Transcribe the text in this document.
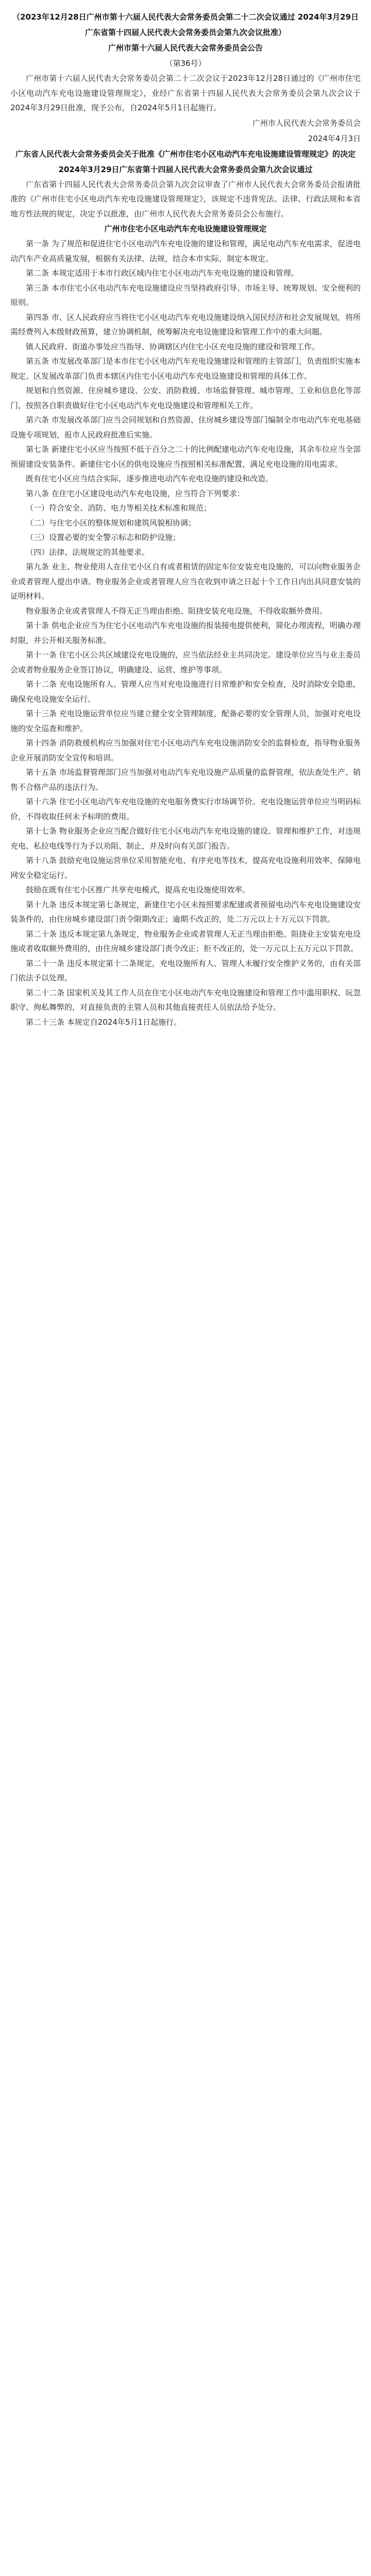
（2023年12月28日广州市第十六届人民代表大会常务委员会第二十二次会议通过 2024年3月29日广东省第十四届人民代表大会常务委员会第九次会议批准）
广州市第十六届人民代表大会常务委员会公告
（第36号）

广州市第十六届人民代表大会常务委员会第二十二次会议于2023年12月28日通过的《广州市住宅小区电动汽车充电设施建设管理规定》，业经广东省第十四届人民代表大会常务委员会第九次会议于2024年3月29日批准，现予公布，自2024年5月1日起施行。

广州市人民代表大会常务委员会

2024年4月3日

广东省人民代表大会常务委员会关于批准《广州市住宅小区电动汽车充电设施建设管理规定》的决定
2024年3月29日广东省第十四届人民代表大会常务委员会第九次会议通过

广东省第十四届人民代表大会常务委员会第九次会议审查了广州市人民代表大会常务委员会报请批准的《广州市住宅小区电动汽车充电设施建设管理规定》，该规定不违背宪法、法律、行政法规和本省地方性法规的规定，决定予以批准，由广州市人民代表大会常务委员会公布施行。

广州市住宅小区电动汽车充电设施建设管理规定

第一条 为了规范和促进住宅小区电动汽车充电设施的建设和管理，满足电动汽车充电需求，促进电动汽车产业高质量发展，根据有关法律、法规，结合本市实际，制定本规定。

第二条 本规定适用于本市行政区域内住宅小区电动汽车充电设施的建设和管理。

第三条 本市住宅小区电动汽车充电设施建设应当坚持政府引导、市场主导、统筹规划、安全便利的原则。

第四条 市、区人民政府应当将住宅小区电动汽车充电设施建设纳入国民经济和社会发展规划，将所需经费列入本级财政预算，建立协调机制，统筹解决充电设施建设和管理工作中的重大问题。

镇人民政府、街道办事处应当指导、协调辖区内住宅小区充电设施的建设和管理工作。

第五条 市发展改革部门是本市住宅小区电动汽车充电设施建设和管理的主管部门，负责组织实施本规定。区发展改革部门负责本辖区内住宅小区电动汽车充电设施建设和管理的具体工作。

规划和自然资源、住房城乡建设、公安、消防救援、市场监督管理、城市管理、工业和信息化等部门，按照各自职责做好住宅小区电动汽车充电设施建设和管理相关工作。

第六条 市发展改革部门应当会同规划和自然资源、住房城乡建设等部门编制全市电动汽车充电基础设施专项规划，报市人民政府批准后实施。

第七条 新建住宅小区应当按照不低于百分之二十的比例配建电动汽车充电设施，其余车位应当全部预留建设安装条件。新建住宅小区的供电设施应当按照相关标准配置，满足充电设施的用电需求。

既有住宅小区应当结合实际，逐步推进电动汽车充电设施的建设和改造。

第八条 在住宅小区建设电动汽车充电设施，应当符合下列要求：

（一）符合安全、消防、电力等相关技术标准和规范；

（二）与住宅小区的整体规划和建筑风貌相协调；

（三）设置必要的安全警示标志和防护设施；

（四）法律、法规规定的其他要求。

第九条 业主、物业使用人在住宅小区自有或者租赁的固定车位安装充电设施的，可以向物业服务企业或者管理人提出申请。物业服务企业或者管理人应当在收到申请之日起十个工作日内出具同意安装的证明材料。

物业服务企业或者管理人不得无正当理由拒绝、阻挠安装充电设施，不得收取额外费用。

第十条 供电企业应当为住宅小区电动汽车充电设施的报装接电提供便利，简化办理流程，明确办理时限，并公开相关服务标准。

第十一条 住宅小区公共区域建设充电设施的，应当依法经业主共同决定。建设单位应当与业主委员会或者物业服务企业签订协议，明确建设、运营、维护等事项。

第十二条 充电设施所有人、管理人应当对充电设施进行日常维护和安全检查，及时消除安全隐患，确保充电设施安全运行。

第十三条 充电设施运营单位应当建立健全安全管理制度，配备必要的安全管理人员，加强对充电设施的安全巡查和维护。

第十四条 消防救援机构应当加强对住宅小区电动汽车充电设施消防安全的监督检查，指导物业服务企业开展消防安全宣传和培训。

第十五条 市场监督管理部门应当加强对电动汽车充电设施产品质量的监督管理，依法查处生产、销售不合格产品的违法行为。

第十六条 住宅小区电动汽车充电设施的充电服务费实行市场调节价。充电设施运营单位应当明码标价，不得收取任何未予标明的费用。

第十七条 物业服务企业应当配合做好住宅小区电动汽车充电设施的建设、管理和维护工作，对违规充电、私拉电线等行为予以劝阻、制止，并及时向有关部门报告。

第十八条 鼓励充电设施运营单位采用智能充电、有序充电等技术，提高充电设施利用效率，保障电网安全稳定运行。

鼓励在既有住宅小区推广共享充电模式，提高充电设施使用效率。

第十九条 违反本规定第七条规定，新建住宅小区未按照要求配建或者预留电动汽车充电设施建设安装条件的，由住房城乡建设部门责令限期改正；逾期不改正的，处二万元以上十万元以下罚款。

第二十条 违反本规定第九条规定，物业服务企业或者管理人无正当理由拒绝、阻挠业主安装充电设施或者收取额外费用的，由住房城乡建设部门责令改正；拒不改正的，处一万元以上五万元以下罚款。

第二十一条 违反本规定第十二条规定，充电设施所有人、管理人未履行安全维护义务的，由有关部门依法予以处理。

第二十二条 国家机关及其工作人员在住宅小区电动汽车充电设施建设和管理工作中滥用职权、玩忽职守、徇私舞弊的，对直接负责的主管人员和其他直接责任人员依法给予处分。

第二十三条 本规定自2024年5月1日起施行。
